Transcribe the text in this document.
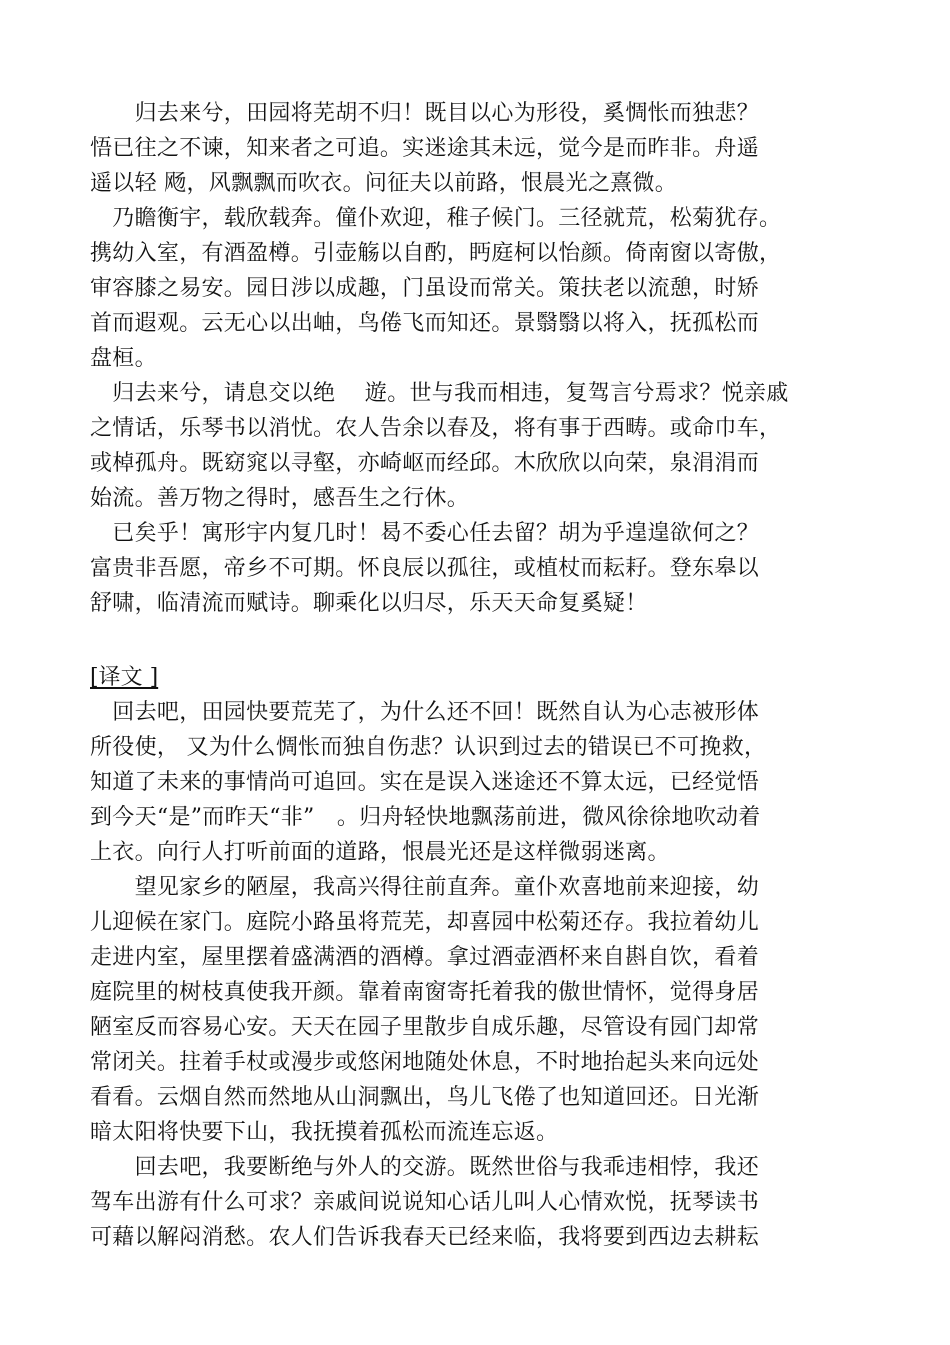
　　归去来兮，田园将芜胡不归！既目以心为形役，奚惆怅而独悲？
悟已往之不谏，知来者之可追。实迷途其未远，觉今是而昨非。舟遥
遥以轻 飏，风飘飘而吹衣。问征夫以前路，恨晨光之熹微。
　乃瞻衡宇，载欣载奔。僮仆欢迎，稚子候门。三径就荒，松菊犹存。
携幼入室，有酒盈樽。引壶觞以自酌，眄庭柯以怡颜。倚南窗以寄傲，
审容膝之易安。园日涉以成趣，门虽设而常关。策扶老以流憩，时矫
首而遐观。云无心以出岫，鸟倦飞而知还。景翳翳以将入，抚孤松而
盘桓。
　归去来兮，请息交以绝　 遊。世与我而相违，复驾言兮焉求？悦亲戚
之情话，乐琴书以消忧。农人告余以春及，将有事于西畴。或命巾车，
或棹孤舟。既窈窕以寻壑，亦崎岖而经邱。木欣欣以向荣，泉涓涓而
始流。善万物之得时，感吾生之行休。
　已矣乎！寓形宇内复几时！曷不委心任去留？胡为乎遑遑欲何之？
富贵非吾愿，帝乡不可期。怀良辰以孤往，或植杖而耘耔。登东皋以
舒啸，临清流而赋诗。聊乘化以归尽，乐天天命复奚疑！
[译文 ]
　回去吧，田园快要荒芜了，为什么还不回！既然自认为心志被形体
所役使， 又为什么惆怅而独自伤悲？认识到过去的错误已不可挽救，
知道了未来的事情尚可追回。实在是误入迷途还不算太远，已经觉悟
到今天“是”而昨天“非”　。归舟轻快地飘荡前进，微风徐徐地吹动着
上衣。向行人打听前面的道路，恨晨光还是这样微弱迷离。
　　望见家乡的陋屋，我高兴得往前直奔。童仆欢喜地前来迎接，幼
儿迎候在家门。庭院小路虽将荒芜，却喜园中松菊还存。我拉着幼儿
走进内室，屋里摆着盛满酒的酒樽。拿过酒壶酒杯来自斟自饮，看着
庭院里的树枝真使我开颜。靠着南窗寄托着我的傲世情怀，觉得身居
陋室反而容易心安。天天在园子里散步自成乐趣，尽管设有园门却常
常闭关。拄着手杖或漫步或悠闲地随处休息，不时地抬起头来向远处
看看。云烟自然而然地从山洞飘出，鸟儿飞倦了也知道回还。日光渐
暗太阳将快要下山，我抚摸着孤松而流连忘返。
　　回去吧，我要断绝与外人的交游。既然世俗与我乖违相悖，我还
驾车出游有什么可求？亲戚间说说知心话儿叫人心情欢悦，抚琴读书
可藉以解闷消愁。农人们告诉我春天已经来临，我将要到西边去耕耘
